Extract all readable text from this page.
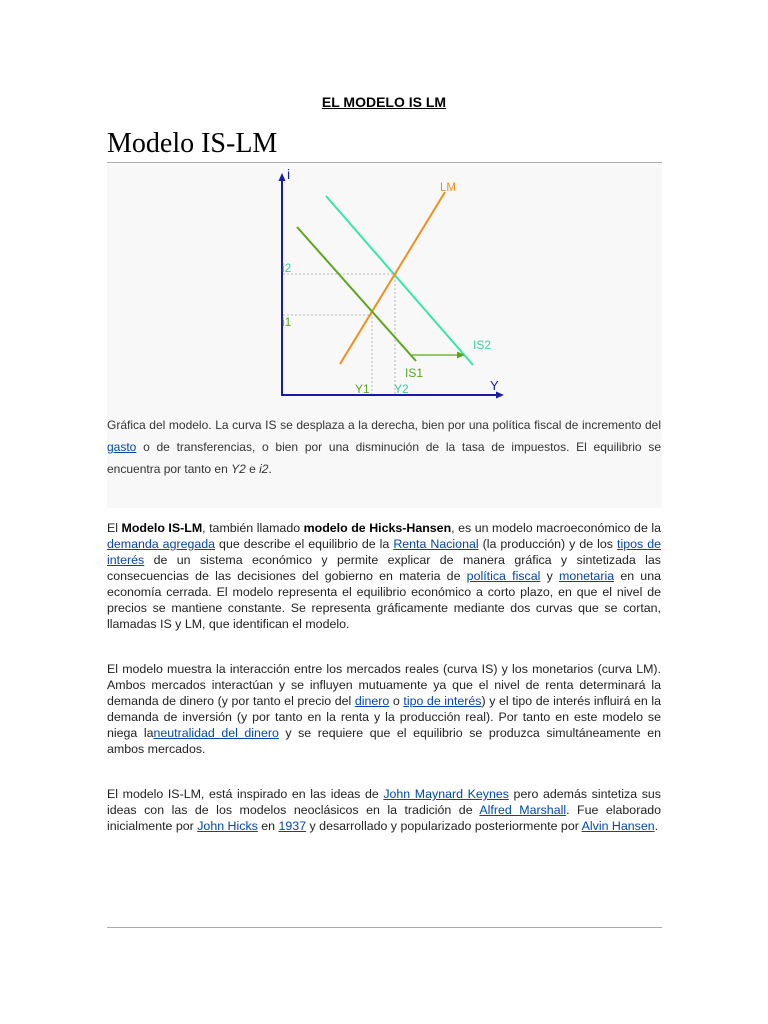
EL MODELO IS LM
Modelo IS-LM
i
Y
LM
IS2
IS1
i2
i1
Y1 Y2
Gráfica del modelo. La curva IS se desplaza a la derecha, bien por una política fiscal de incremento del gasto o de transferencias, o bien por una disminución de la tasa de impuestos. El equilibrio se encuentra por tanto en Y2 e i2.

El Modelo IS-LM, también llamado modelo de Hicks-Hansen, es un modelo macroeconómico de la demanda agregada que describe el equilibrio de la Renta Nacional (la producción) y de los tipos de interés de un sistema económico y permite explicar de manera gráfica y sintetizada las consecuencias de las decisiones del gobierno en materia de política fiscal y monetaria en una economía cerrada. El modelo representa el equilibrio económico a corto plazo, en que el nivel de precios se mantiene constante. Se representa gráficamente mediante dos curvas que se cortan, llamadas IS y LM, que identifican el modelo.

El modelo muestra la interacción entre los mercados reales (curva IS) y los monetarios (curva LM). Ambos mercados interactúan y se influyen mutuamente ya que el nivel de renta determinará la demanda de dinero (y por tanto el precio del dinero o tipo de interés) y el tipo de interés influirá en la demanda de inversión (y por tanto en la renta y la producción real). Por tanto en este modelo se niega laneutralidad del dinero y se requiere que el equilibrio se produzca simultáneamente en ambos mercados.

El modelo IS-LM, está inspirado en las ideas de John Maynard Keynes pero además sintetiza sus ideas con las de los modelos neoclásicos en la tradición de Alfred Marshall. Fue elaborado inicialmente por John Hicks en 1937 y desarrollado y popularizado posteriormente por Alvin Hansen.
